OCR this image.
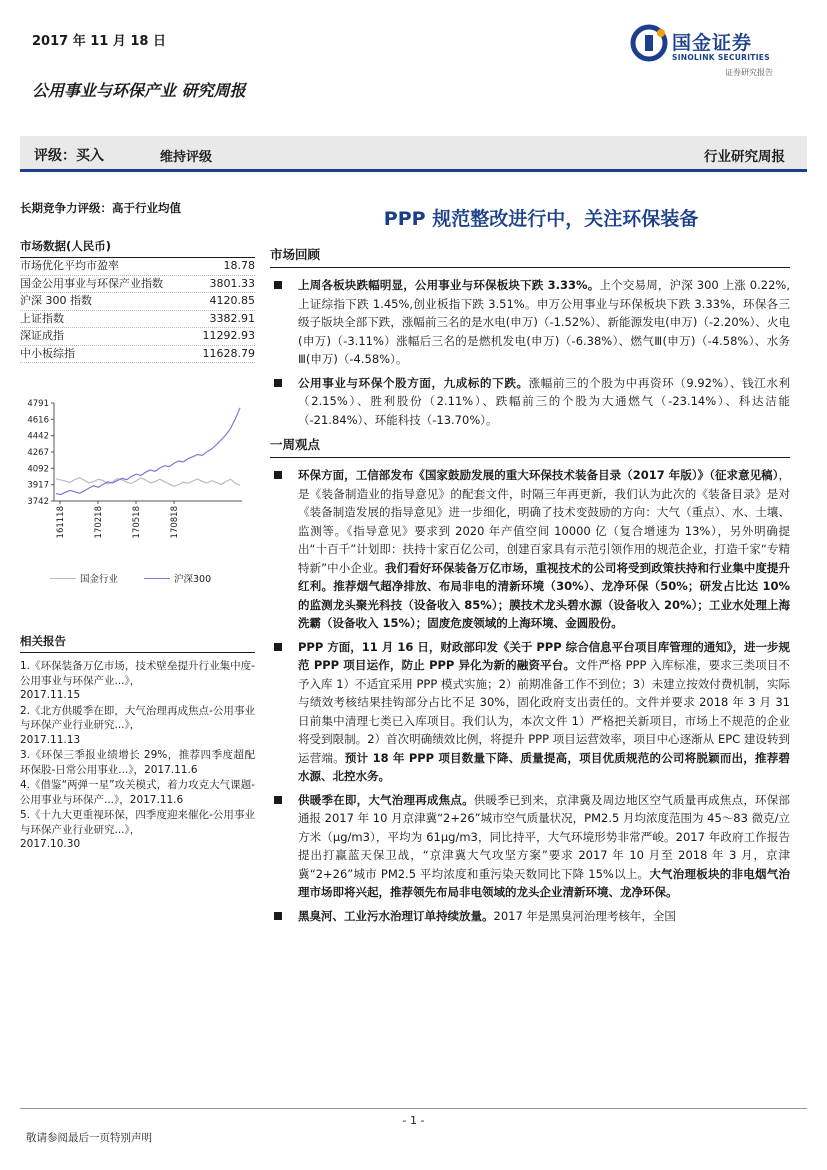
2017 年 11 月 18 日	国金证券
SINOLINK SECURITIES
证券研究报告
公用事业与环保产业 研究周报
评级：买入	维持评级	行业研究周报
PPP 规范整改进行中，关注环保装备
长期竞争力评级：高于行业均值
市场数据(人民币)
市场优化平均市盈率	18.78
国金公用事业与环保产业指数	3801.33
沪深 300 指数	4120.85
上证指数	3382.91
深证成指	11292.93
中小板综指	11628.79
4791
4616
4442
4267
4092
3917
3742
161118	170218	170518	170818
国金行业	沪深300
相关报告
1.《环保装备万亿市场，技术壁垒提升行业集中度-公用事业与环保产业...》，
2017.11.15
2.《北方供暖季在即，大气治理再成焦点-公用事业与环保产业行业研究...》，
2017.11.13
3.《环保三季报业绩增长 29%，推荐四季度超配环保股-日常公用事业...》，2017.11.6
4.《借鉴“两弹一星”攻关模式，着力攻克大气课题-公用事业与环保产...》，2017.11.6
5.《十九大更重视环保，四季度迎来催化-公用事业与环保产业行业研究...》，
2017.10.30
市场回顾
上周各板块跌幅明显，公用事业与环保板块下跌 3.33%。上个交易周，沪深 300 上涨 0.22%,上证综指下跌 1.45%,创业板指下跌 3.51%。申万公用事业与环保板块下跌 3.33%，环保各三级子版块全部下跌，涨幅前三名的是水电(申万)（-1.52%）、新能源发电(申万)（-2.20%）、火电(申万)（-3.11%）涨幅后三名的是燃机发电(申万)（-6.38%）、燃气Ⅲ(申万)（-4.58%）、水务Ⅲ(申万)（-4.58%）。
公用事业与环保个股方面，九成标的下跌。涨幅前三的个股为中再资环（9.92%）、钱江水利（2.15%）、胜利股份（2.11%）、跌幅前三的个股为大通燃气（-23.14%）、科达洁能（-21.84%）、环能科技（-13.70%）。
一周观点
环保方面，工信部发布《国家鼓励发展的重大环保技术装备目录（2017 年版）》（征求意见稿），是《装备制造业的指导意见》的配套文件，时隔三年再更新，我们认为此次的《装备目录》是对《装备制造发展的指导意见》进一步细化，明确了技术变鼓励的方向：大气（重点）、水、土壤、监测等。《指导意见》要求到 2020 年产值空间 10000 亿（复合增速为 13%），另外明确提出“十百千”计划即：扶持十家百亿公司，创建百家具有示范引领作用的规范企业，打造千家“专精特新”中小企业。我们看好环保装备万亿市场，重视技术的公司将受到政策扶持和行业集中度提升红利。推荐烟气超净排放、布局非电的清新环境（30%）、龙净环保（50%；研发占比达 10%的监测龙头聚光科技（设备收入 85%）；膜技术龙头碧水源（设备收入 20%）；工业水处理上海洗霸（设备收入 15%）；固废危废领域的上海环境、金圆股份。
PPP 方面，11 月 16 日，财政部印发《关于 PPP 综合信息平台项目库管理的通知》，进一步规范 PPP 项目运作，防止 PPP 异化为新的融资平台。文件严格 PPP 入库标准，要求三类项目不予入库 1）不适宜采用 PPP 模式实施；2）前期准备工作不到位；3）未建立按效付费机制，实际与绩效考核结果挂钩部分占比不足 30%，固化政府支出责任的。文件并要求 2018 年 3 月 31 日前集中清理七类已入库项目。我们认为，本次文件 1）严格把关新项目，市场上不规范的企业将受到限制。2）首次明确绩效比例，将提升 PPP 项目运营效率，项目中心逐渐从 EPC 建设转到运营端。预计 18 年 PPP 项目数量下降、质量提高，项目优质规范的公司将脱颖而出，推荐碧水源、北控水务。
供暖季在即，大气治理再成焦点。供暖季已到来，京津冀及周边地区空气质量再成焦点，环保部通报 2017 年 10 月京津冀“2+26”城市空气质量状况，PM2.5 月均浓度范围为 45～83 微克/立方米（μg/m3），平均为 61μg/m3，同比持平，大气环境形势非常严峻。2017 年政府工作报告提出打赢蓝天保卫战，“京津冀大气攻坚方案”要求 2017 年 10 月至 2018 年 3 月，京津冀“2+26”城市 PM2.5 平均浓度和重污染天数同比下降 15%以上。大气治理板块的非电烟气治理市场即将兴起，推荐领先布局非电领域的龙头企业清新环境、龙净环保。
黑臭河、工业污水治理订单持续放量。2017 年是黑臭河治理考核年，全国
- 1 -
敬请参阅最后一页特别声明
